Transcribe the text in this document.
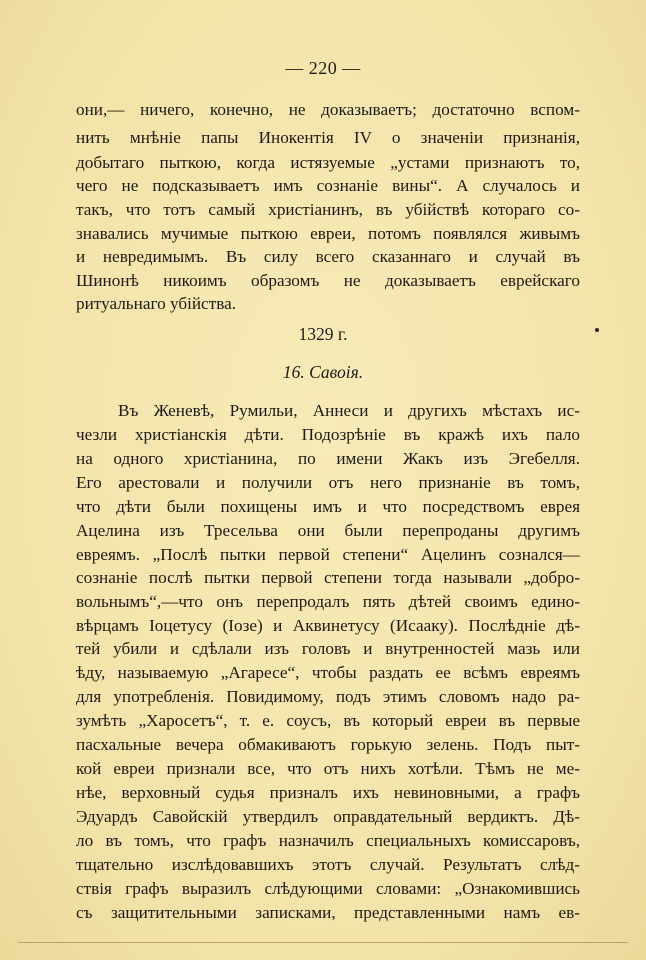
— 220 —
они,— ничего, конечно, не доказываетъ; достаточно вспом-
нить мнѣніе папы Инокентія IV о значеніи признанія,
добытаго пыткою, когда истязуемые „устами признаютъ то,
чего не подсказываетъ имъ сознаніе вины“. А случалось и
такъ, что тотъ самый христіанинъ, въ убійствѣ котораго со-
знавались мучимые пыткою евреи, потомъ появлялся живымъ
и невредимымъ. Въ силу всего сказаннаго и случай въ
Шинонѣ никоимъ образомъ не доказываетъ еврейскаго
ритуальнаго убійства.
1329 г.
16. Савоія.
Въ Женевѣ, Румильи, Аннеси и другихъ мѣстахъ ис-
чезли христіанскія дѣти. Подозрѣніе въ кражѣ ихъ пало
на одного христіанина, по имени Жакъ изъ Эгебелля.
Его арестовали и получили отъ него признаніе въ томъ,
что дѣти были похищены имъ и что посредствомъ еврея
Ацелина изъ Тресельва они были перепроданы другимъ
евреямъ. „Послѣ пытки первой степени“ Ацелинъ сознался—
сознаніе послѣ пытки первой степени тогда называли „добро-
вольнымъ“,—что онъ перепродалъ пять дѣтей своимъ едино-
вѣрцамъ Іоцетусу (Іозе) и Аквинетусу (Исааку). Послѣдніе дѣ-
тей убили и сдѣлали изъ головъ и внутренностей мазь или
ѣду, называемую „Агаресе“, чтобы раздать ее всѣмъ евреямъ
для употребленія. Повидимому, подъ этимъ словомъ надо ра-
зумѣть „Харосетъ“, т. е. соусъ, въ который евреи въ первые
пасхальные вечера обмакиваютъ горькую зелень. Подъ пыт-
кой евреи признали все, что отъ нихъ хотѣли. Тѣмъ не ме-
нѣе, верховный судья призналъ ихъ невиновными, а графъ
Эдуардъ Савойскій утвердилъ оправдательный вердиктъ. Дѣ-
ло въ томъ, что графъ назначилъ специальныхъ комиссаровъ,
тщательно изслѣдовавшихъ этотъ случай. Результатъ слѣд-
ствія графъ выразилъ слѣдующими словами: „Ознакомившись
съ защитительными записками, представленными намъ ев-
